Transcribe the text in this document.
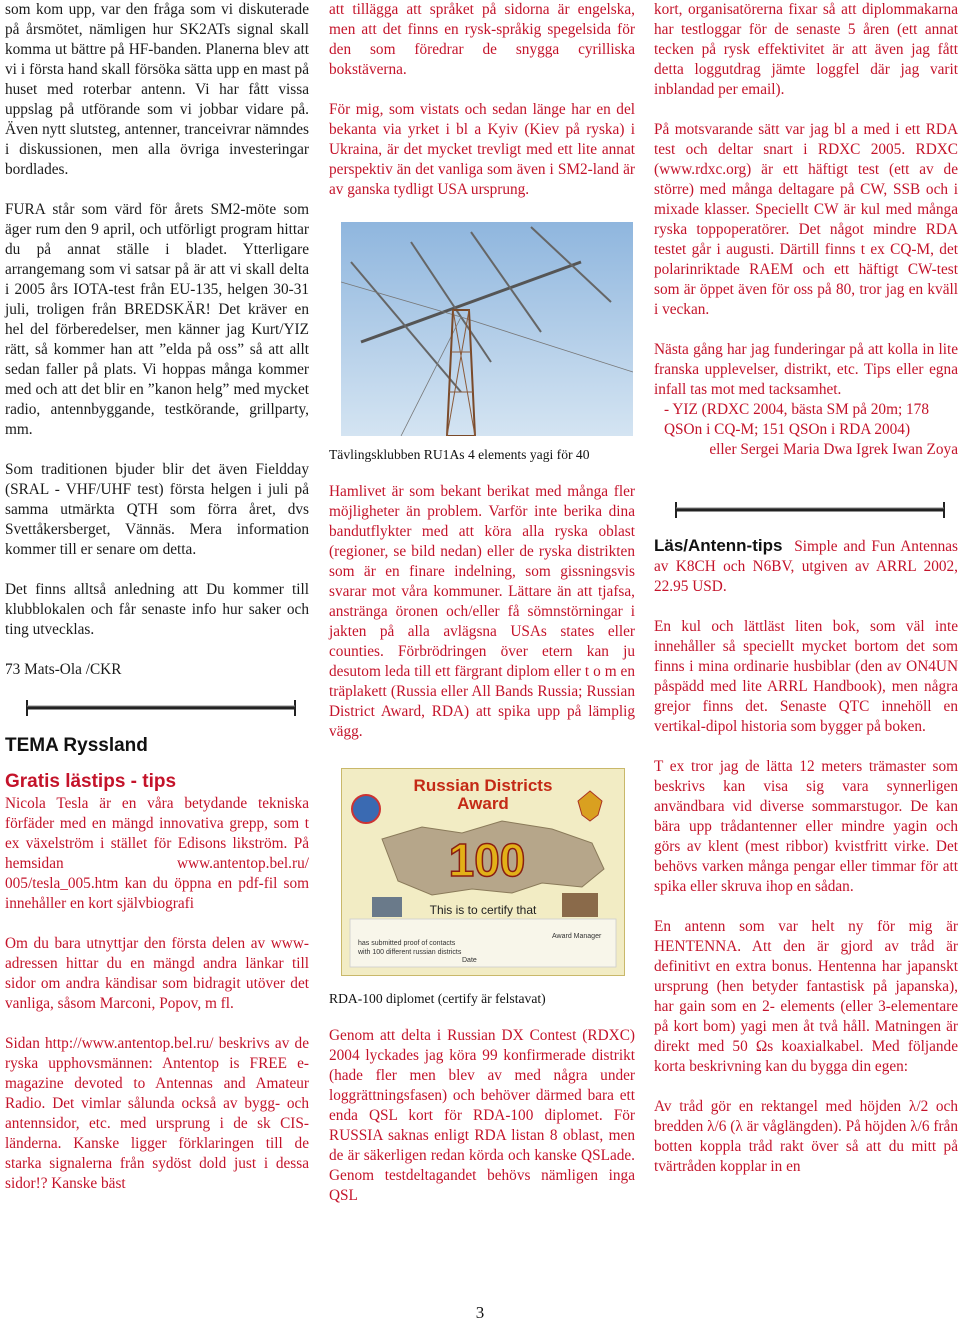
som kom upp, var den fråga som vi diskuterade på årsmötet, nämligen hur SK2ATs signal skall komma ut bättre på HF-banden. Planerna blev att vi i första hand skall försöka sätta upp en mast på huset med roterbar antenn. Vi har fått vissa uppslag på utförande som vi jobbar vidare på. Även nytt slutsteg, antenner, tranceivrar nämndes i diskussionen, men alla övriga investeringar bordlades.

FURA står som värd för årets SM2-möte som äger rum den 9 april, och utförligt program hittar du på annat ställe i bladet. Ytterligare arrangemang som vi satsar på är att vi skall delta i 2005 års IOTA-test från EU-135, helgen 30-31 juli, troligen från BREDSKÄR! Det kräver en hel del förberedelser, men känner jag Kurt/YIZ rätt, så kommer han att ”elda på oss” så att allt sedan faller på plats. Vi hoppas många kommer med och att det blir en ”kanon helg” med mycket radio, antennbyggande, testkörande, grillparty, mm.

Som traditionen bjuder blir det även Fieldday (SRAL - VHF/UHF test) första helgen i juli på samma utmärkta QTH som förra året, dvs Svettåkersberget, Vännäs. Mera information kommer till er senare om detta.

Det finns alltså anledning att Du kommer till klubblokalen och får senaste info hur saker och ting utvecklas.

73 Mats-Ola /CKR

TEMA Ryssland

Gratis lästips - tips

Nicola Tesla är en våra betydande tekniska förfäder med en mängd innovativa grepp, som t ex växelström i stället för Edisons likström. På hemsidan www.antentop.bel.ru/ 005/tesla_005.htm kan du öppna en pdf-fil som innehåller en kort självbiografi

Om du bara utnyttjar den första delen av www-adressen hittar du en mängd andra länkar till sidor om andra kändisar som bidragit utöver det vanliga, såsom Marconi, Popov, m fl.

Sidan http://www.antentop.bel.ru/ beskrivs av de ryska upphovsmännen: Antentop is FREE e-magazine devoted to Antennas and Amateur Radio. Det vimlar sålunda också av bygg- och antennsidor, etc. med ursprung i de sk CIS-länderna. Kanske ligger förklaringen till de starka signalerna från sydöst dold just i dessa sidor!? Kanske bäst

att tillägga att språket på sidorna är engelska, men att det finns en rysk-språkig spegelsida för den som föredrar de snygga cyrilliska bokstäverna.

För mig, som vistats och sedan länge har en del bekanta via yrket i bl a Kyiv (Kiev på ryska) i Ukraina, är det mycket trevligt med ett lite annat perspektiv än det vanliga som även i SM2-land är av ganska tydligt USA ursprung.

Tävlingsklubben RU1As 4 elements yagi för 40

Hamlivet är som bekant berikat med många fler möjligheter än problem. Varför inte berika dina bandutflykter med att köra alla ryska oblast (regioner, se bild nedan) eller de ryska distrikten som är en finare indelning, som gissningsvis svarar mot våra kommuner. Lättare än att tjafsa, anstränga öronen och/eller få sömnstörningar i jakten på alla avlägsna USAs states eller counties. Förbrödringen över etern kan ju desutom leda till ett färgrant diplom eller t o m en träplakett (Russia eller All Bands Russia; Russian District Award, RDA) att spika upp på lämplig vägg.

Russian Districts
Award
100
This is to certify that
has submitted proof of contacts
with 100 different russian districts
Award Manager
Date

RDA-100 diplomet (certify är felstavat)

Genom att delta i Russian DX Contest (RDXC) 2004 lyckades jag köra 99 konfirmerade distrikt (hade fler men blev av med några under loggrättningsfasen) och behöver därmed bara ett enda QSL kort för RDA-100 diplomet. För RUSSIA saknas enligt RDA listan 8 oblast, men de är säkerligen redan körda och kanske QSLade. Genom testdeltagandet behövs nämligen inga QSL

kort, organisatörerna fixar så att diplommakarna har testloggar för de senaste 5 åren (ett annat tecken på rysk effektivitet är att även jag fått detta loggutdrag jämte loggfel där jag varit inblandad per email).

På motsvarande sätt var jag bl a med i ett RDA test och deltar snart i RDXC 2005. RDXC (www.rdxc.org) är ett häftigt test (ett av de större) med många deltagare på CW, SSB och i mixade klasser. Speciellt CW är kul med många ryska toppoperatörer. Det något mindre RDA testet går i augusti. Därtill finns t ex CQ-M, det polarinriktade RAEM och ett häftigt CW-test som är öppet även för oss på 80, tror jag en kväll i veckan.

Nästa gång har jag funderingar på att kolla in lite franska upplevelser, distrikt, etc. Tips eller egna infall tas mot med tacksamhet.

- YIZ (RDXC 2004, bästa SM på 20m; 178 QSOn i CQ-M; 151 QSOn i RDA 2004)

eller Sergei Maria Dwa Igrek Iwan Zoya

Läs/Antenn-tips Simple and Fun Antennas av K8CH och N6BV, utgiven av ARRL 2002, 22.95 USD.

En kul och lättläst liten bok, som väl inte innehåller så speciellt mycket bortom det som finns i mina ordinarie husbiblar (den av ON4UN påspädd med lite ARRL Handbook), men några grejor finns det. Senaste QTC innehöll en vertikal-dipol historia som bygger på boken.

T ex tror jag de lätta 12 meters trämaster som beskrivs kan visa sig vara synnerligen användbara vid diverse sommarstugor. De kan bära upp trådantenner eller mindre yagin och görs av klent (mest ribbor) kvistfritt virke. Det behövs varken många pengar eller timmar för att spika eller skruva ihop en sådan.

En antenn som var helt ny för mig är HENTENNA. Att den är gjord av tråd är definitivt en extra bonus. Hentenna har japanskt ursprung (hen betyder fantastisk på japanska), har gain som en 2- elements (eller 3-elementare på kort bom) yagi men åt två håll. Matningen är direkt med 50 Ωs koaxialkabel. Med följande korta beskrivning kan du bygga din egen:

Av tråd gör en rektangel med höjden λ/2 och bredden λ/6 (λ är våglängden). På höjden λ/6 från botten koppla tråd rakt över så att du mitt på tvärtråden kopplar in en

3
